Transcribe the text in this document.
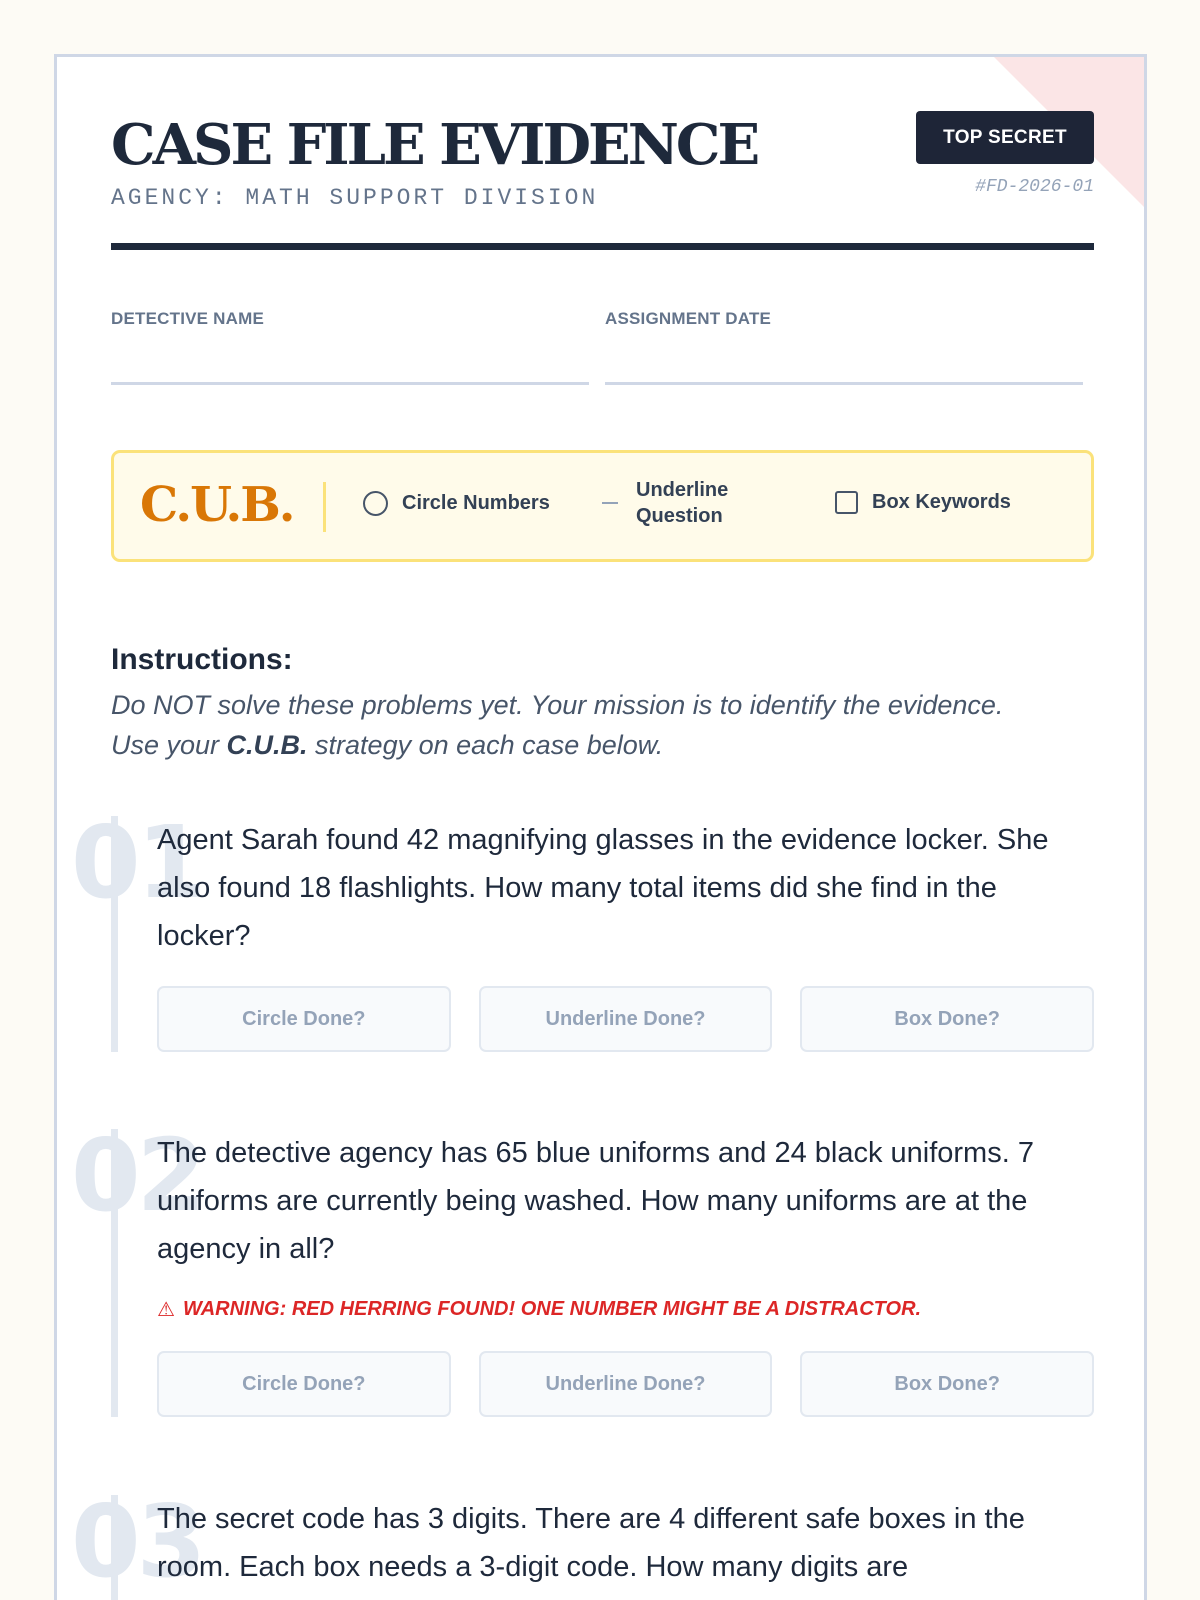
CASE FILE EVIDENCE
AGENCY: MATH SUPPORT DIVISION
TOP SECRET
#FD-2026-01
DETECTIVE NAME	ASSIGNMENT DATE
C.U.B.	Circle Numbers
Underline
Question
Box Keywords
Instructions:
Do NOT solve these problems yet. Your mission is to identify the evidence.
Use your C.U.B. strategy on each case below.
01
Agent Sarah found 42 magnifying glasses in the evidence locker. She also found 18 flashlights. How many total items did she find in the locker?
Circle Done?	Underline Done?	Box Done?
02
The detective agency has 65 blue uniforms and 24 black uniforms. 7 uniforms are currently being washed. How many uniforms are at the agency in all?
⚠ WARNING: RED HERRING FOUND! ONE NUMBER MIGHT BE A DISTRACTOR.
Circle Done?	Underline Done?	Box Done?
03
The secret code has 3 digits. There are 4 different safe boxes in the room. Each box needs a 3-digit code. How many digits are
